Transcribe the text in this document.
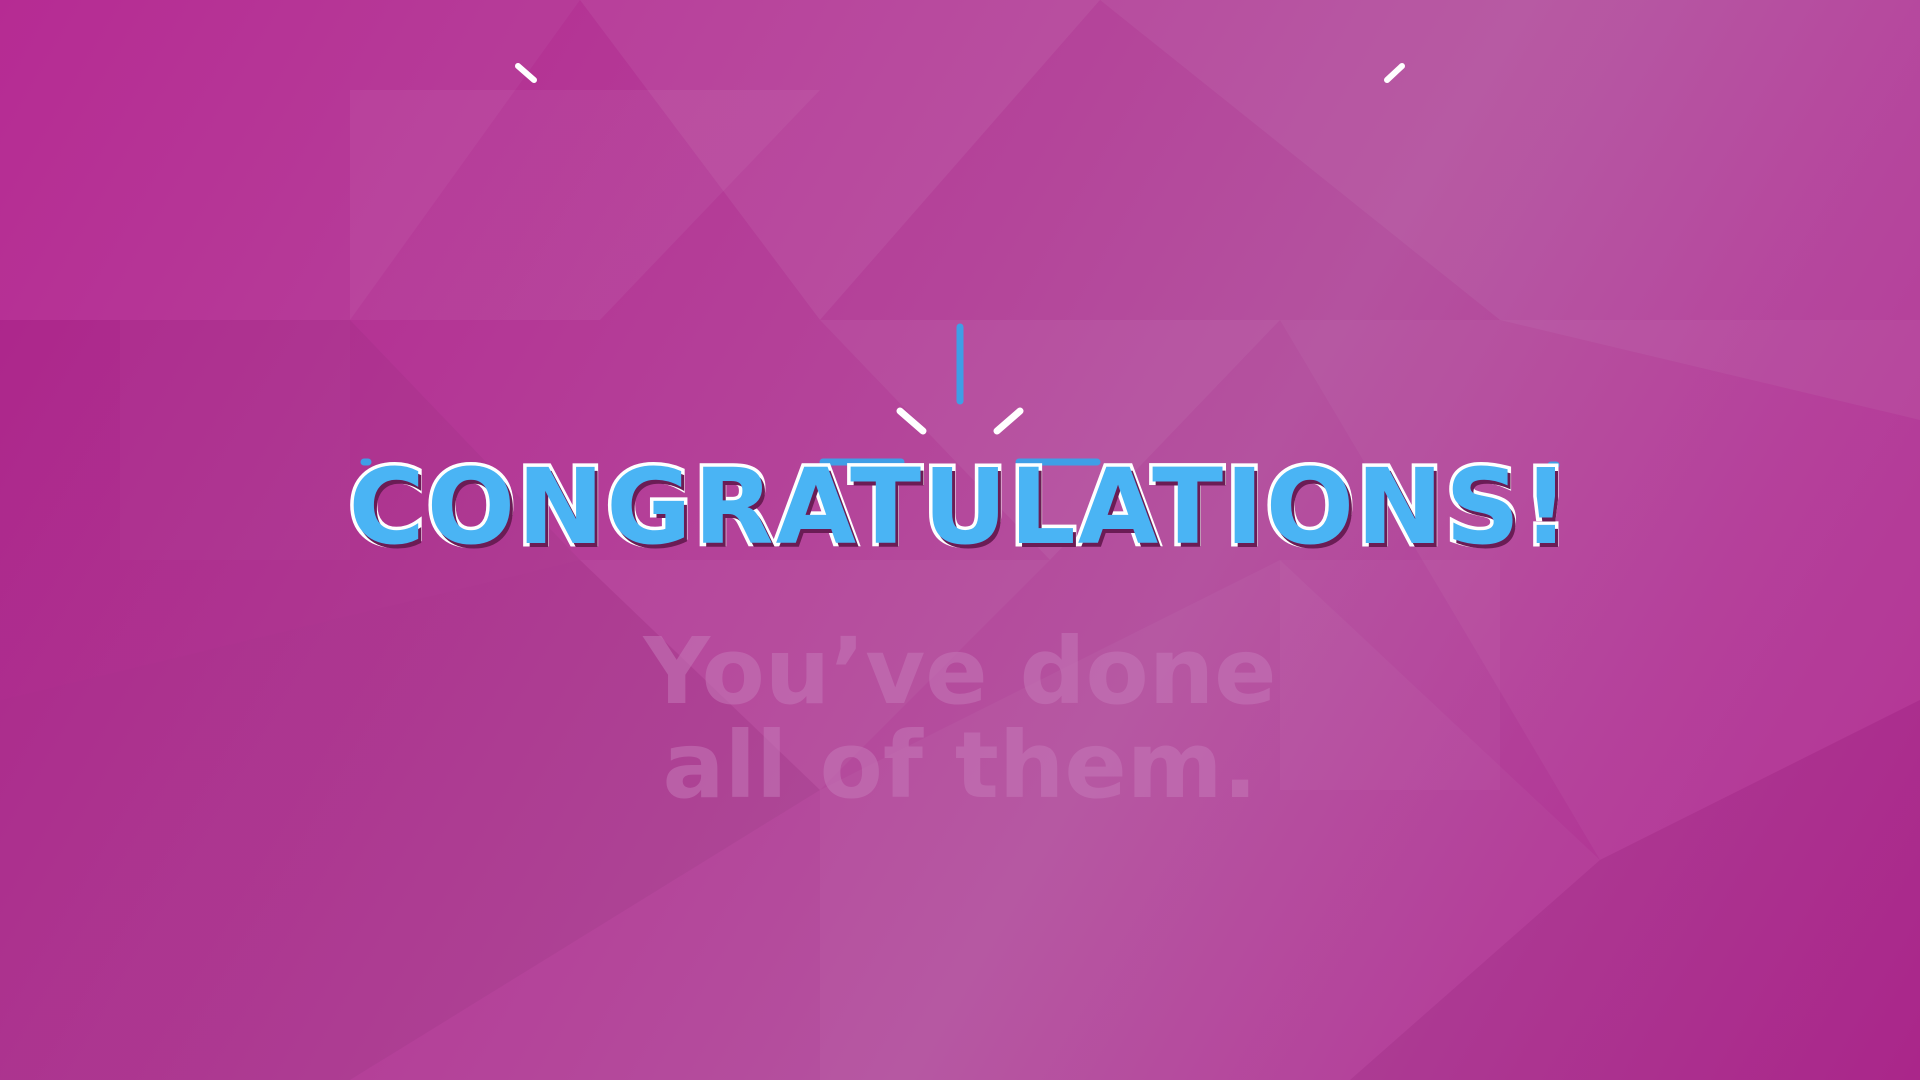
CONGRATULATIONS!
You’ve done
all of them.
